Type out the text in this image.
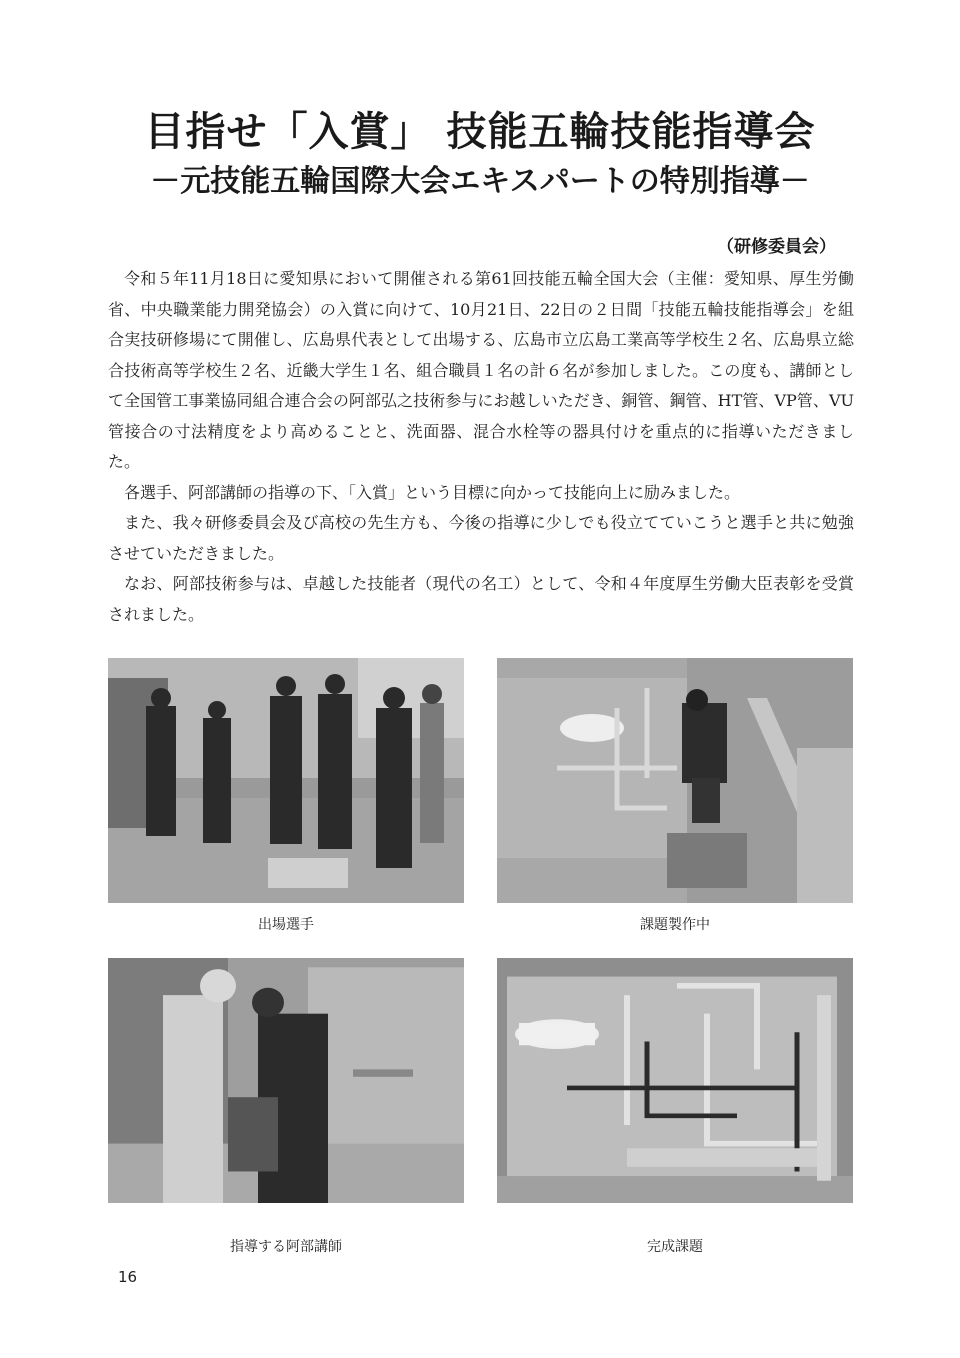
目指せ「入賞」 技能五輪技能指導会
－元技能五輪国際大会エキスパートの特別指導－
（研修委員会）

令和５年11月18日に愛知県において開催される第61回技能五輪全国大会（主催：愛知県、厚生労働省、中央職業能力開発協会）の入賞に向けて、10月21日、22日の２日間「技能五輪技能指導会」を組合実技研修場にて開催し、広島県代表として出場する、広島市立広島工業高等学校生２名、広島県立総合技術高等学校生２名、近畿大学生１名、組合職員１名の計６名が参加しました。この度も、講師として全国管工事業協同組合連合会の阿部弘之技術参与にお越しいただき、銅管、鋼管、HT管、VP管、VU管接合の寸法精度をより高めることと、洗面器、混合水栓等の器具付けを重点的に指導いただきました。

各選手、阿部講師の指導の下、「入賞」という目標に向かって技能向上に励みました。

また、我々研修委員会及び高校の先生方も、今後の指導に少しでも役立てていこうと選手と共に勉強させていただきました。

なお、阿部技術参与は、卓越した技能者（現代の名工）として、令和４年度厚生労働大臣表彰を受賞されました。

出場選手	課題製作中
指導する阿部講師	完成課題
16
